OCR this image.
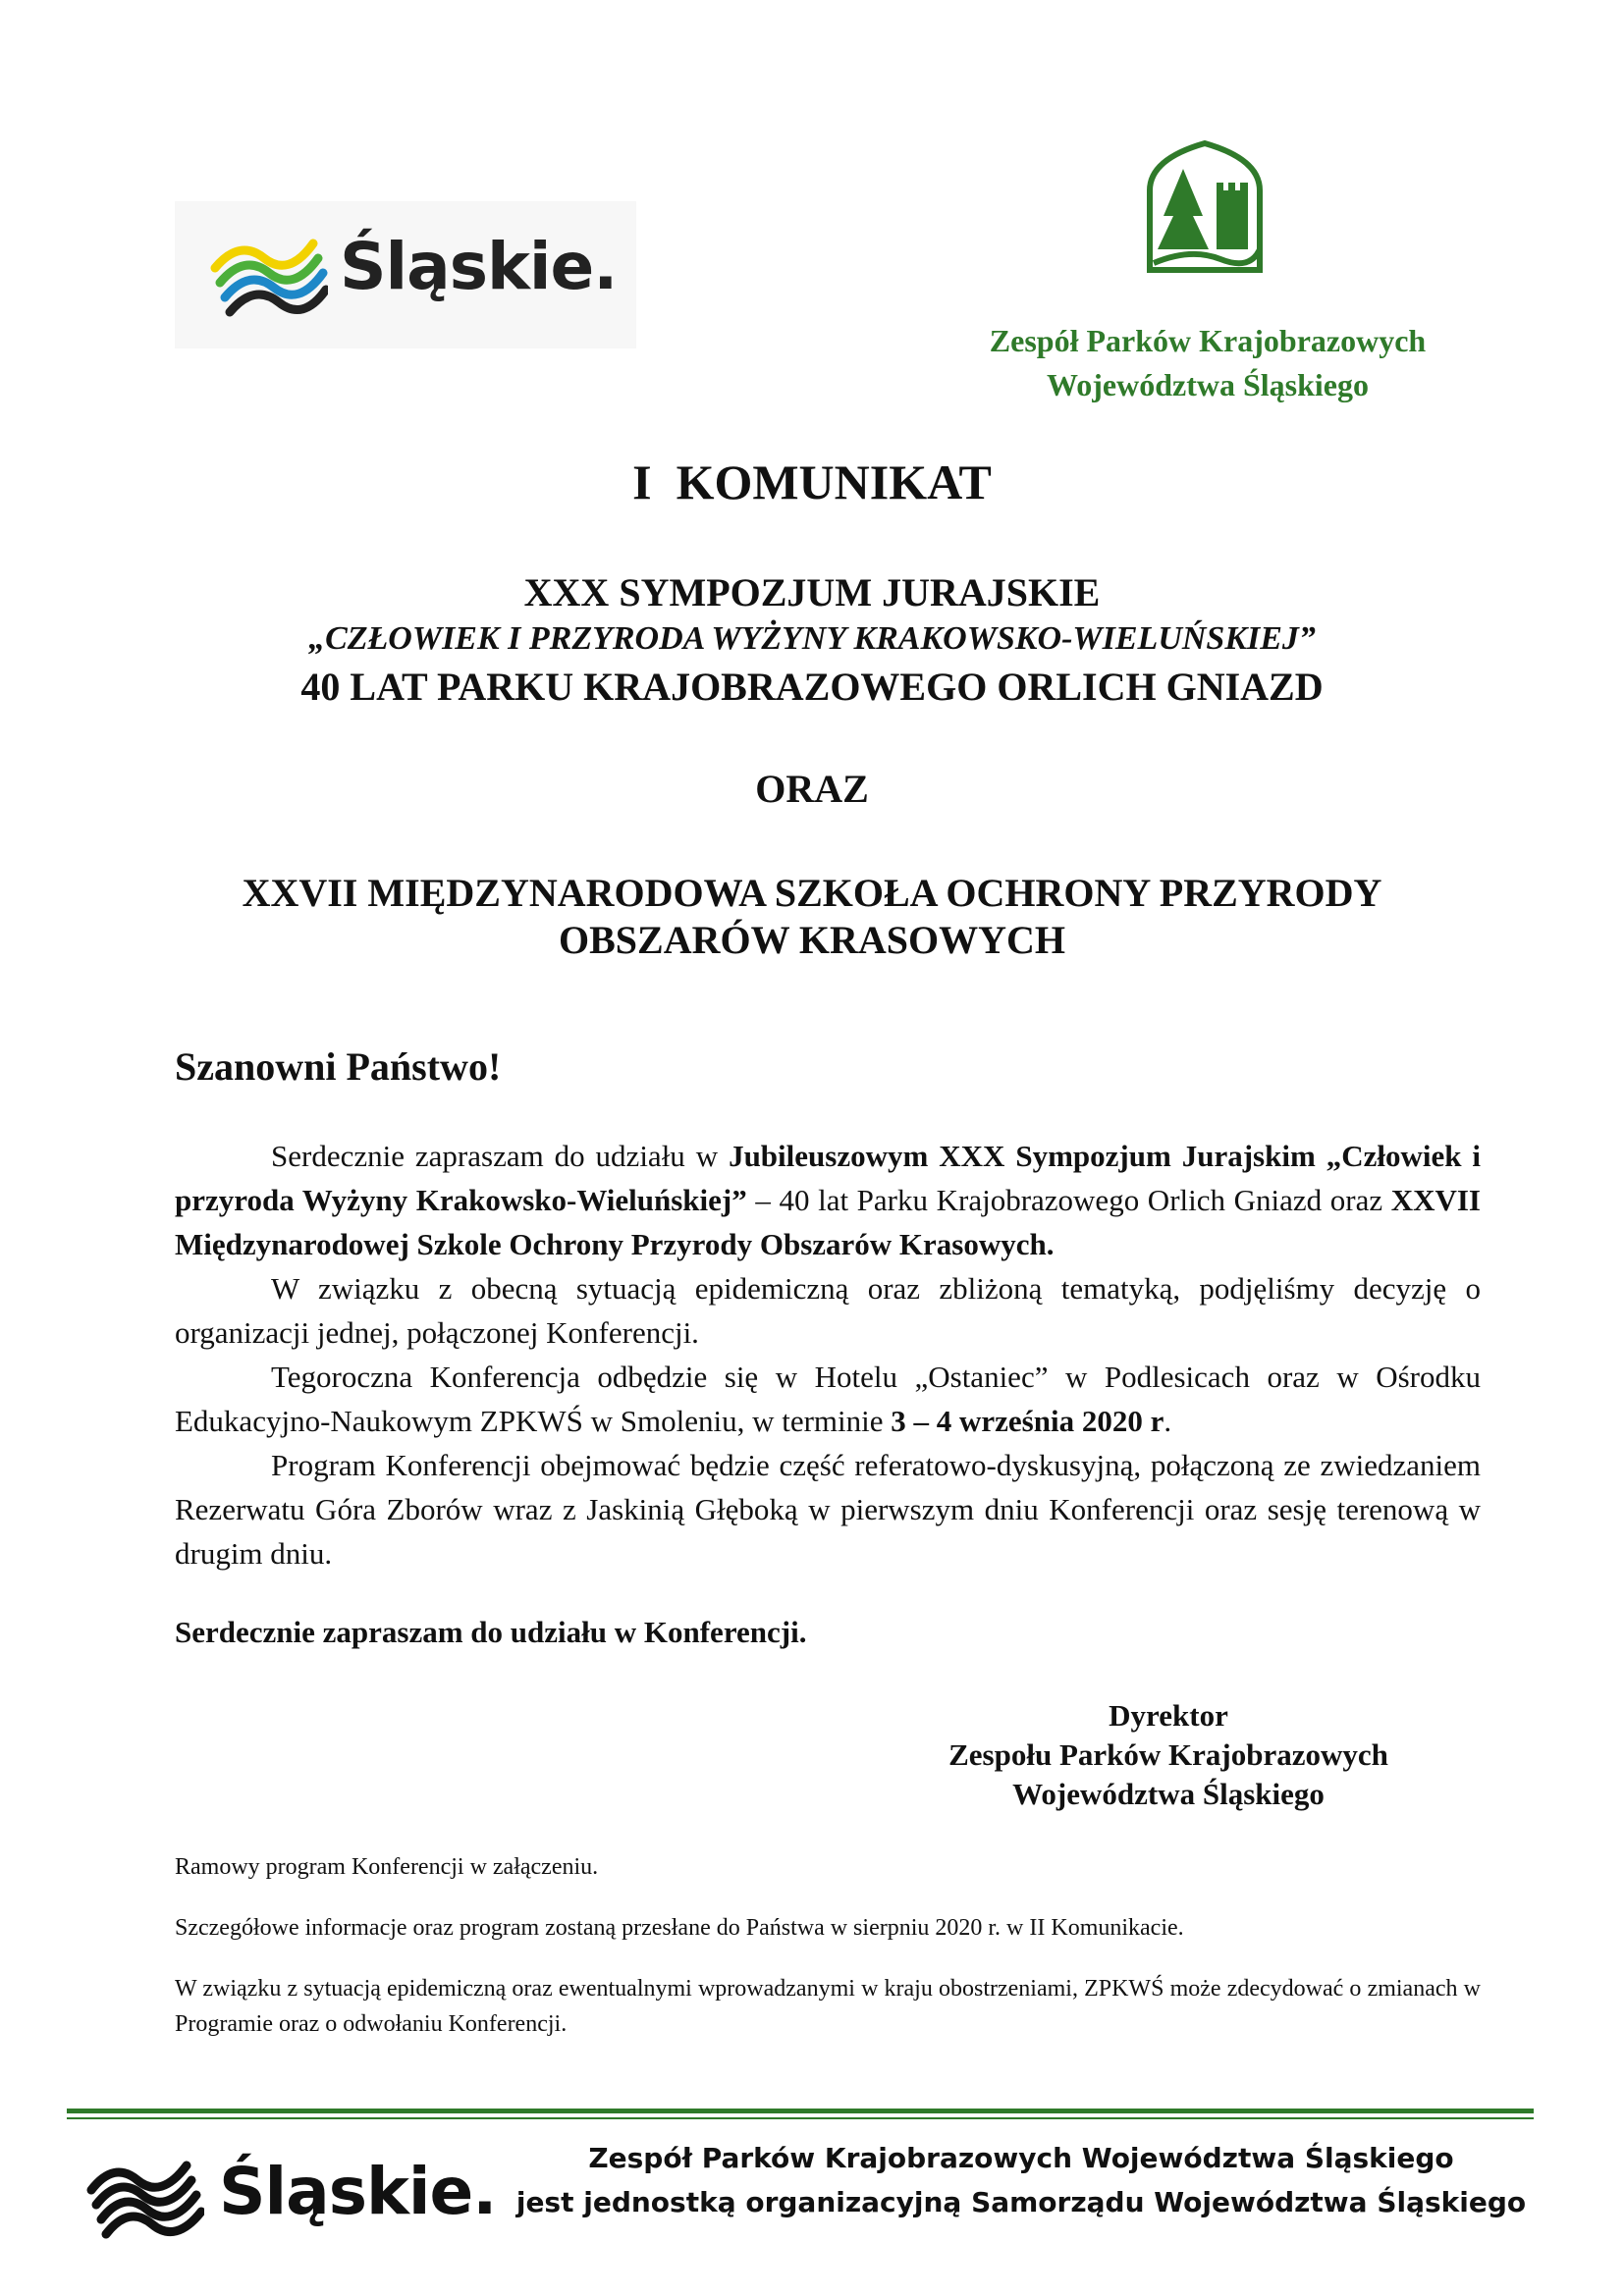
Śląskie.
Zespół Parków Krajobrazowych
Województwa Śląskiego
I  KOMUNIKAT
XXX SYMPOZJUM JURAJSKIE
„CZŁOWIEK I PRZYRODA WYŻYNY KRAKOWSKO-WIELUŃSKIEJ”
40 LAT PARKU KRAJOBRAZOWEGO ORLICH GNIAZD
ORAZ
XXVII MIĘDZYNARODOWA SZKOŁA OCHRONY PRZYRODY
OBSZARÓW KRASOWYCH
Szanowni Państwo!

Serdecznie zapraszam do udziału w Jubileuszowym XXX Sympozjum Jurajskim „Człowiek i przyroda Wyżyny Krakowsko-Wieluńskiej” – 40 lat Parku Krajobrazowego Orlich Gniazd oraz XXVII Międzynarodowej Szkole Ochrony Przyrody Obszarów Krasowych.

W związku z obecną sytuacją epidemiczną oraz zbliżoną tematyką, podjęliśmy decyzję o organizacji jednej, połączonej Konferencji.

Tegoroczna Konferencja odbędzie się w Hotelu „Ostaniec” w Podlesicach oraz w Ośrodku Edukacyjno-Naukowym ZPKWŚ w Smoleniu, w terminie 3 – 4 września 2020 r.

Program Konferencji obejmować będzie część referatowo-dyskusyjną, połączoną ze zwiedzaniem Rezerwatu Góra Zborów wraz z Jaskinią Głęboką w pierwszym dniu Konferencji oraz sesję terenową w drugim dniu.

Serdecznie zapraszam do udziału w Konferencji.
Dyrektor
Zespołu Parków Krajobrazowych
Województwa Śląskiego
Ramowy program Konferencji w załączeniu.
Szczegółowe informacje oraz program zostaną przesłane do Państwa w sierpniu 2020 r. w II Komunikacie.
W związku z sytuacją epidemiczną oraz ewentualnymi wprowadzanymi w kraju obostrzeniami, ZPKWŚ może zdecydować o zmianach w Programie oraz o odwołaniu Konferencji.
Śląskie.	Zespół Parków Krajobrazowych Województwa Śląskiego
jest jednostką organizacyjną Samorządu Województwa Śląskiego
